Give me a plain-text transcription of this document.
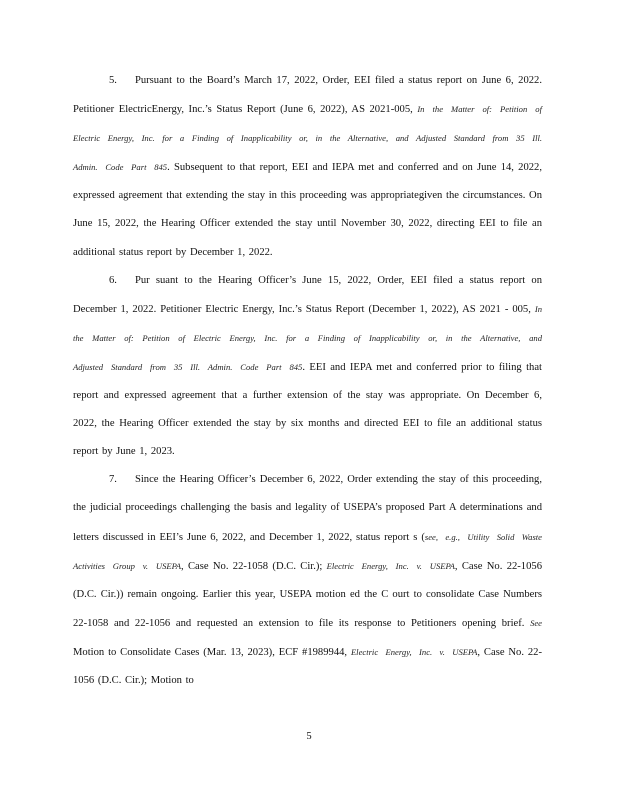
5. Pursuant to the Board’s March 17, 2022, Order, EEI filed a status report on June 6, 2022. Petitioner ElectricEnergy, Inc.’s Status Report (June 6, 2022), AS 2021-005, In the Matter of: Petition of Electric Energy, Inc. for a Finding of Inapplicability or, in the Alternative, and Adjusted Standard from 35 Ill. Admin. Code Part 845. Subsequent to that report, EEI and IEPA met and conferred and on June 14, 2022, expressed agreement that extending the stay in this proceeding was appropriategiven the circumstances. On June 15, 2022, the Hearing Officer extended the stay until November 30, 2022, directing EEI to file an additional status report by December 1, 2022.

6. Pur suant to the Hearing Officer’s June 15, 2022, Order, EEI filed a status report on December 1, 2022. Petitioner Electric Energy, Inc.’s Status Report (December 1, 2022), AS 2021 - 005, In the Matter of: Petition of Electric Energy, Inc. for a Finding of Inapplicability or, in the Alternative, and Adjusted Standard from 35 Ill. Admin. Code Part 845. EEI and IEPA met and conferred prior to filing that report and expressed agreement that a further extension of the stay was appropriate. On December 6, 2022, the Hearing Officer extended the stay by six months and directed EEI to file an additional status report by June 1, 2023.

7. Since the Hearing Officer’s December 6, 2022, Order extending the stay of this proceeding, the judicial proceedings challenging the basis and legality of USEPA’s proposed Part A determinations and letters discussed in EEI’s June 6, 2022, and December 1, 2022, status report s (see, e.g., Utility Solid Waste Activities Group v. USEPA, Case No. 22-1058 (D.C. Cir.); Electric Energy, Inc. v. USEPA, Case No. 22-1056 (D.C. Cir.)) remain ongoing. Earlier this year, USEPA motion ed the C ourt to consolidate Case Numbers 22-1058 and 22-1056 and requested an extension to file its response to Petitioners opening brief. See Motion to Consolidate Cases (Mar. 13, 2023), ECF #1989944, Electric Energy, Inc. v. USEPA, Case No. 22-1056 (D.C. Cir.); Motion to

5
